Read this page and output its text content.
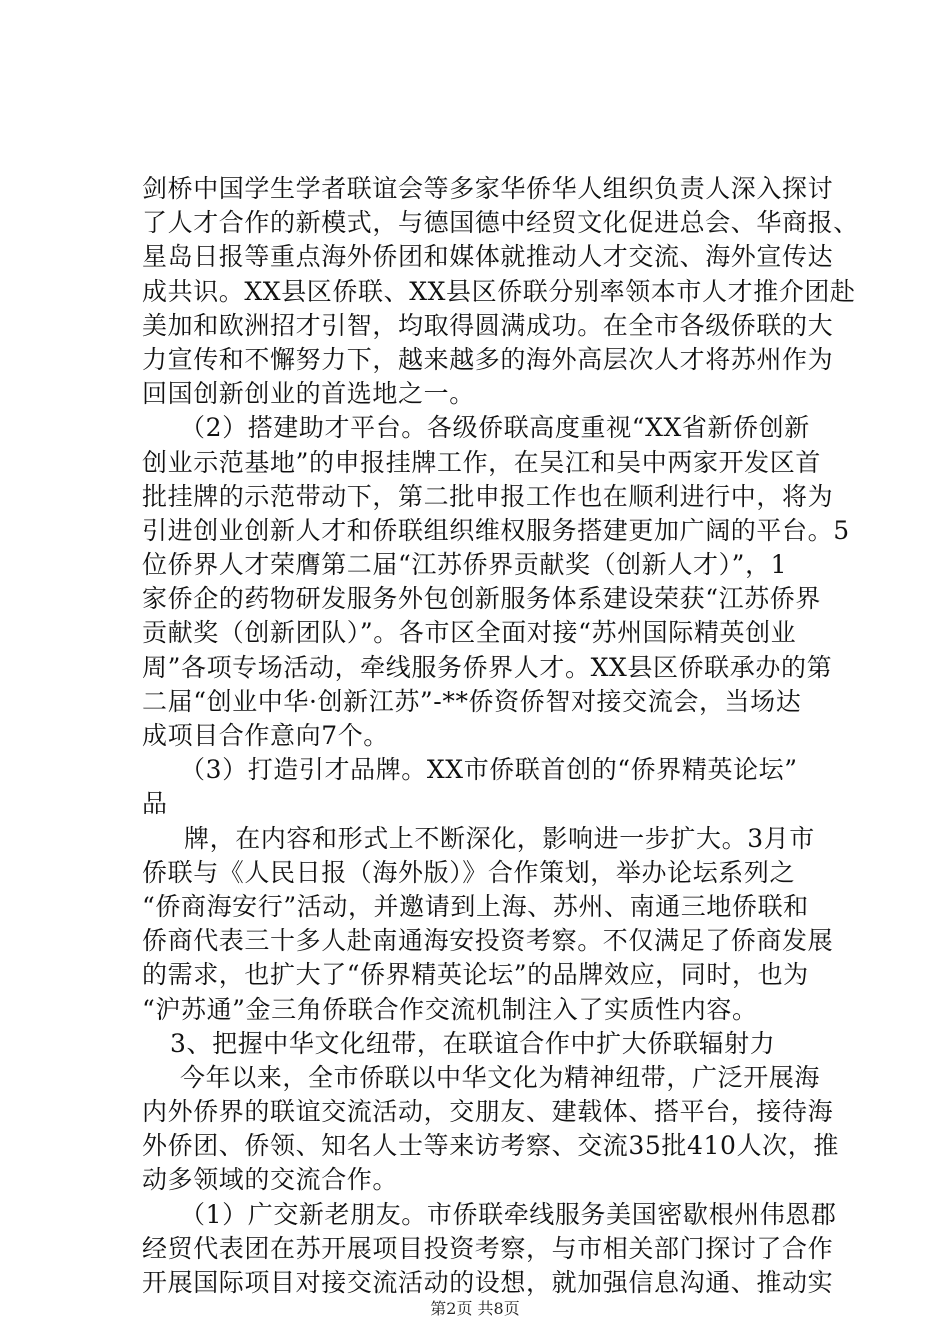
剑桥中国学生学者联谊会等多家华侨华人组织负责人深入探讨
了人才合作的新模式，与德国德中经贸文化促进总会、华商报、
星岛日报等重点海外侨团和媒体就推动人才交流、海外宣传达
成共识。XX县区侨联、XX县区侨联分别率领本市人才推介团赴
美加和欧洲招才引智，均取得圆满成功。在全市各级侨联的大
力宣传和不懈努力下，越来越多的海外高层次人才将苏州作为
回国创新创业的首选地之一。
（2）搭建助才平台。各级侨联高度重视“XX省新侨创新
创业示范基地”的申报挂牌工作，在吴江和吴中两家开发区首
批挂牌的示范带动下，第二批申报工作也在顺利进行中，将为
引进创业创新人才和侨联组织维权服务搭建更加广阔的平台。5
位侨界人才荣膺第二届“江苏侨界贡献奖（创新人才）”，1
家侨企的药物研发服务外包创新服务体系建设荣获“江苏侨界
贡献奖（创新团队）”。各市区全面对接“苏州国际精英创业
周”各项专场活动，牵线服务侨界人才。XX县区侨联承办的第
二届“创业中华·创新江苏”-**侨资侨智对接交流会，当场达
成项目合作意向7个。
（3）打造引才品牌。XX市侨联首创的“侨界精英论坛”
品
牌，在内容和形式上不断深化，影响进一步扩大。3月市
侨联与《人民日报（海外版）》合作策划，举办论坛系列之
“侨商海安行”活动，并邀请到上海、苏州、南通三地侨联和
侨商代表三十多人赴南通海安投资考察。不仅满足了侨商发展
的需求，也扩大了“侨界精英论坛”的品牌效应，同时，也为
“沪苏通”金三角侨联合作交流机制注入了实质性内容。
3、把握中华文化纽带，在联谊合作中扩大侨联辐射力
今年以来，全市侨联以中华文化为精神纽带，广泛开展海
内外侨界的联谊交流活动，交朋友、建载体、搭平台，接待海
外侨团、侨领、知名人士等来访考察、交流35批410人次，推
动多领域的交流合作。
（1）广交新老朋友。市侨联牵线服务美国密歇根州伟恩郡
经贸代表团在苏开展项目投资考察，与市相关部门探讨了合作
开展国际项目对接交流活动的设想，就加强信息沟通、推动实
第2页 共8页
